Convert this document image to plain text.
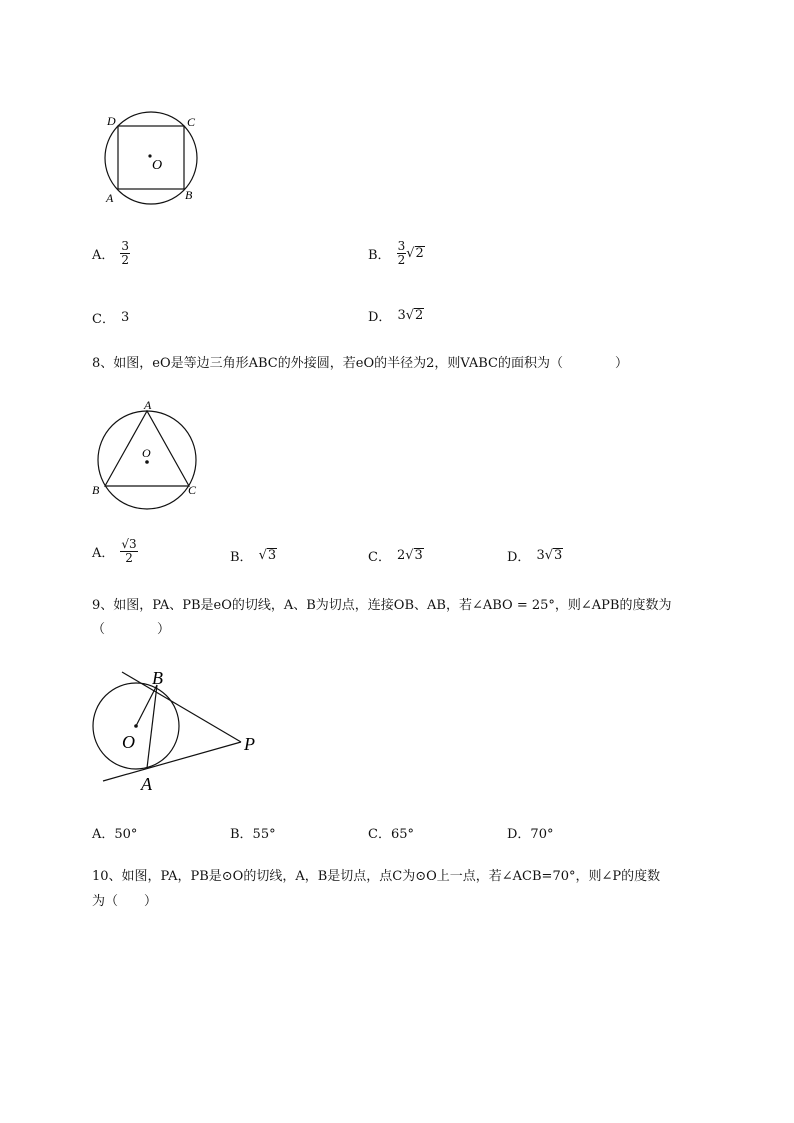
D	C
A	B
O
A． $\frac{3}{2}$	B． $\frac{3}{2}$ √ 2
C． 3	D． 3 √ 2
8、如图，eO是等边三角形ABC的外接圆，若eO的半径为2，则VABC的面积为（　　　　）
A
O
B	C
A． $\frac{√3}{2}$	B． √ 3	C． 2 √ 3	D． 3 √ 3
9、如图，PA、PB是eO的切线，A、B为切点，连接OB、AB，若∠ABO = 25°，则∠APB的度数为
（　　　　）
B
O	P
A
A．50°	B．55°	C．65°	D．70°
10、如图，PA，PB是⊙O的切线，A，B是切点，点C为⊙O上一点，若∠ACB=70°，则∠P的度数
为（　　）
